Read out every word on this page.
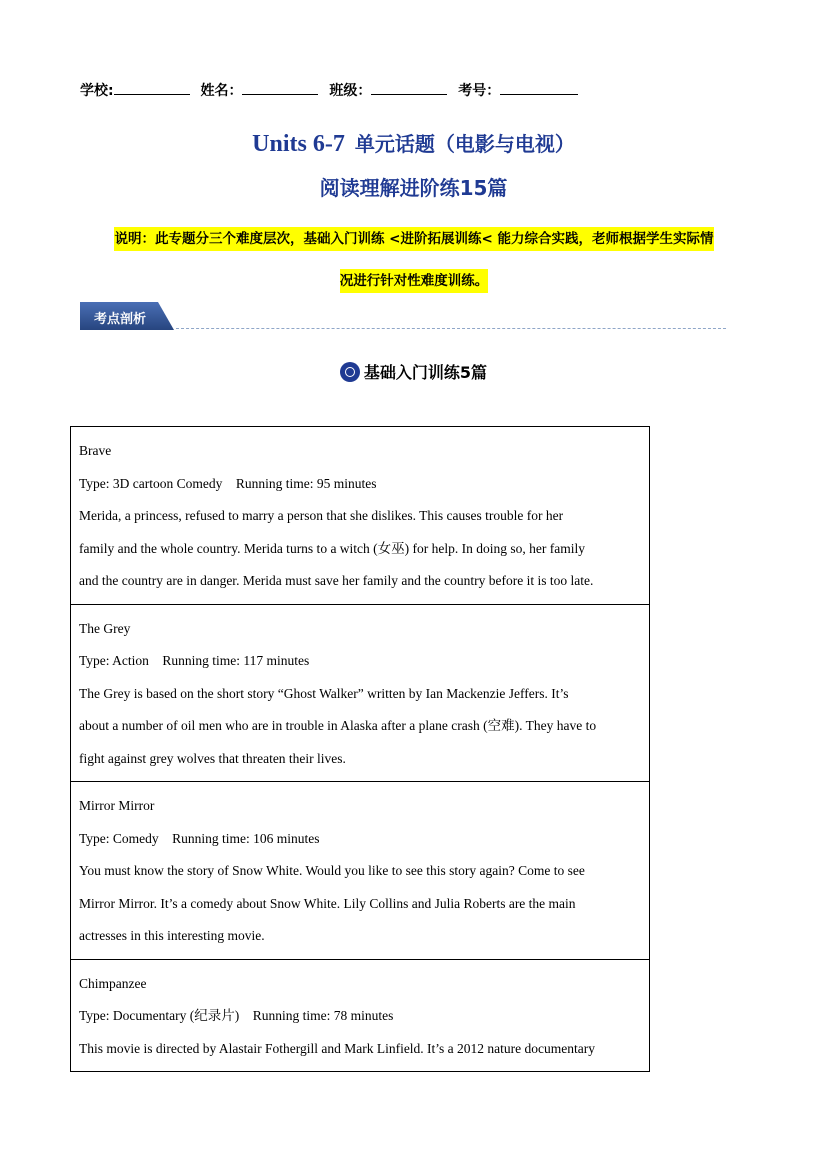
学校:	姓名：	班级：	考号：
Units 6-7 单元话题（电影与电视）
阅读理解进阶练15篇
说明：此专题分三个难度层次，基础入门训练 <进阶拓展训练< 能力综合实践，老师根据学生实际情
况进行针对性难度训练。
考点剖析
基础入门训练5篇
Brave
Type: 3D cartoon Comedy    Running time: 95 minutes
Merida, a princess, refused to marry a person that she dislikes. This causes trouble for her
family and the whole country. Merida turns to a witch (女巫) for help. In doing so, her family
and the country are in danger. Merida must save her family and the country before it is too late.

The Grey
Type: Action    Running time: 117 minutes
The Grey is based on the short story “Ghost Walker” written by Ian Mackenzie Jeffers. It’s
about a number of oil men who are in trouble in Alaska after a plane crash (空难). They have to
fight against grey wolves that threaten their lives.

Mirror Mirror
Type: Comedy    Running time: 106 minutes
You must know the story of Snow White. Would you like to see this story again? Come to see
Mirror Mirror. It’s a comedy about Snow White. Lily Collins and Julia Roberts are the main
actresses in this interesting movie.

Chimpanzee
Type: Documentary (纪录片)    Running time: 78 minutes
This movie is directed by Alastair Fothergill and Mark Linfield. It’s a 2012 nature documentary
